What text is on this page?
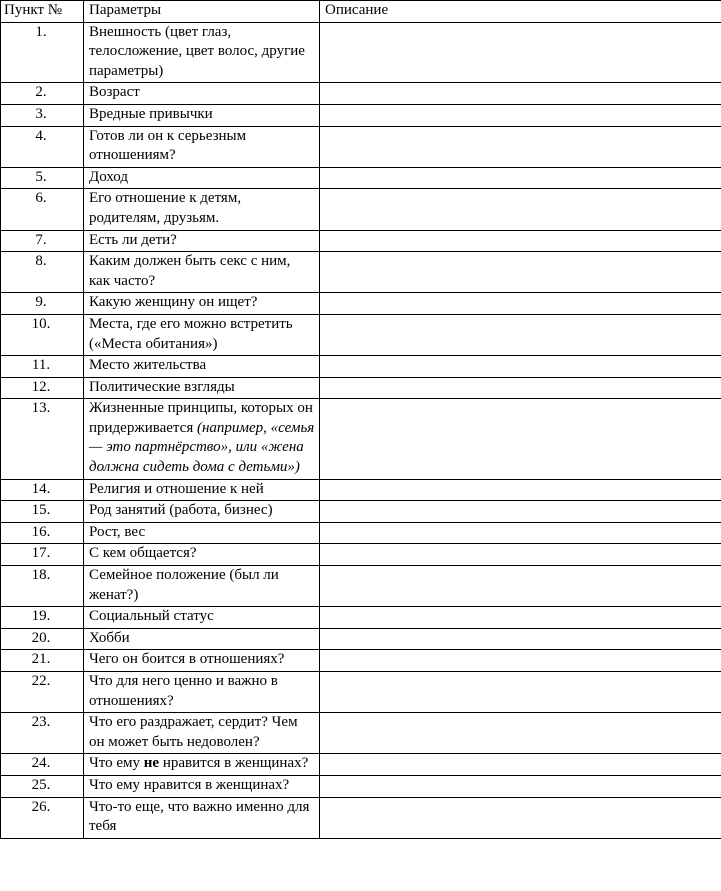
Пункт №	Параметры	Описание
1.	Внешность (цвет глаз, телосложение, цвет волос, другие параметры)	
2.	Возраст	
3.	Вредные привычки	
4.	Готов ли он к серьезным отношениям?	
5.	Доход	
6.	Его отношение к детям, родителям, друзьям.	
7.	Есть ли дети?	
8.	Каким должен быть секс с ним, как часто?	
9.	Какую женщину он ищет?	
10.	Места, где его можно встретить («Места обитания»)	
11.	Место жительства	
12.	Политические взгляды	
13.	Жизненные принципы, которых он придерживается (например, «семья — это партнёрство», или «жена должна сидеть дома с детьми»)	
14.	Религия и отношение к ней	
15.	Род занятий (работа, бизнес)	
16.	Рост, вес	
17.	С кем общается?	
18.	Семейное положение (был ли женат?)	
19.	Социальный статус	
20.	Хобби	
21.	Чего он боится в отношениях?	
22.	Что для него ценно и важно в отношениях?	
23.	Что его раздражает, сердит? Чем он может быть недоволен?	
24.	Что ему не нравится в женщинах?	
25.	Что ему нравится в женщинах?	
26.	Что-то еще, что важно именно для тебя	
